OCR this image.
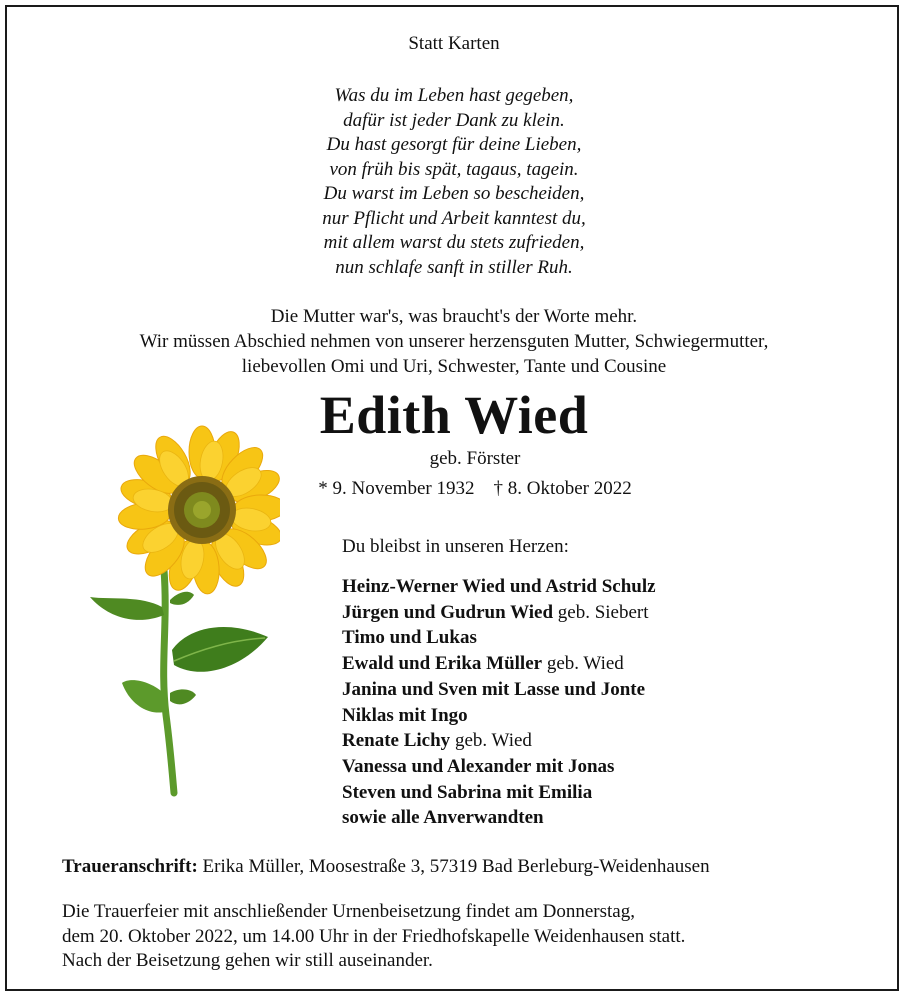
Statt Karten
Was du im Leben hast gegeben,
dafür ist jeder Dank zu klein.
Du hast gesorgt für deine Lieben,
von früh bis spät, tagaus, tagein.
Du warst im Leben so bescheiden,
nur Pflicht und Arbeit kanntest du,
mit allem warst du stets zufrieden,
nun schlafe sanft in stiller Ruh.
Die Mutter war's, was braucht's der Worte mehr.
Wir müssen Abschied nehmen von unserer herzensguten Mutter, Schwiegermutter,
liebevollen Omi und Uri, Schwester, Tante und Cousine
Edith Wied
geb. Förster
* 9. November 1932 † 8. Oktober 2022
Du bleibst in unseren Herzen:
Heinz-Werner Wied und Astrid Schulz
Jürgen und Gudrun Wied geb. Siebert
Timo und Lukas
Ewald und Erika Müller geb. Wied
Janina und Sven mit Lasse und Jonte
Niklas mit Ingo
Renate Lichy geb. Wied
Vanessa und Alexander mit Jonas
Steven und Sabrina mit Emilia
sowie alle Anverwandten
Traueranschrift: Erika Müller, Moosestraße 3, 57319 Bad Berleburg-Weidenhausen
Die Trauerfeier mit anschließender Urnenbeisetzung findet am Donnerstag,
dem 20. Oktober 2022, um 14.00 Uhr in der Friedhofskapelle Weidenhausen statt.
Nach der Beisetzung gehen wir still auseinander.
